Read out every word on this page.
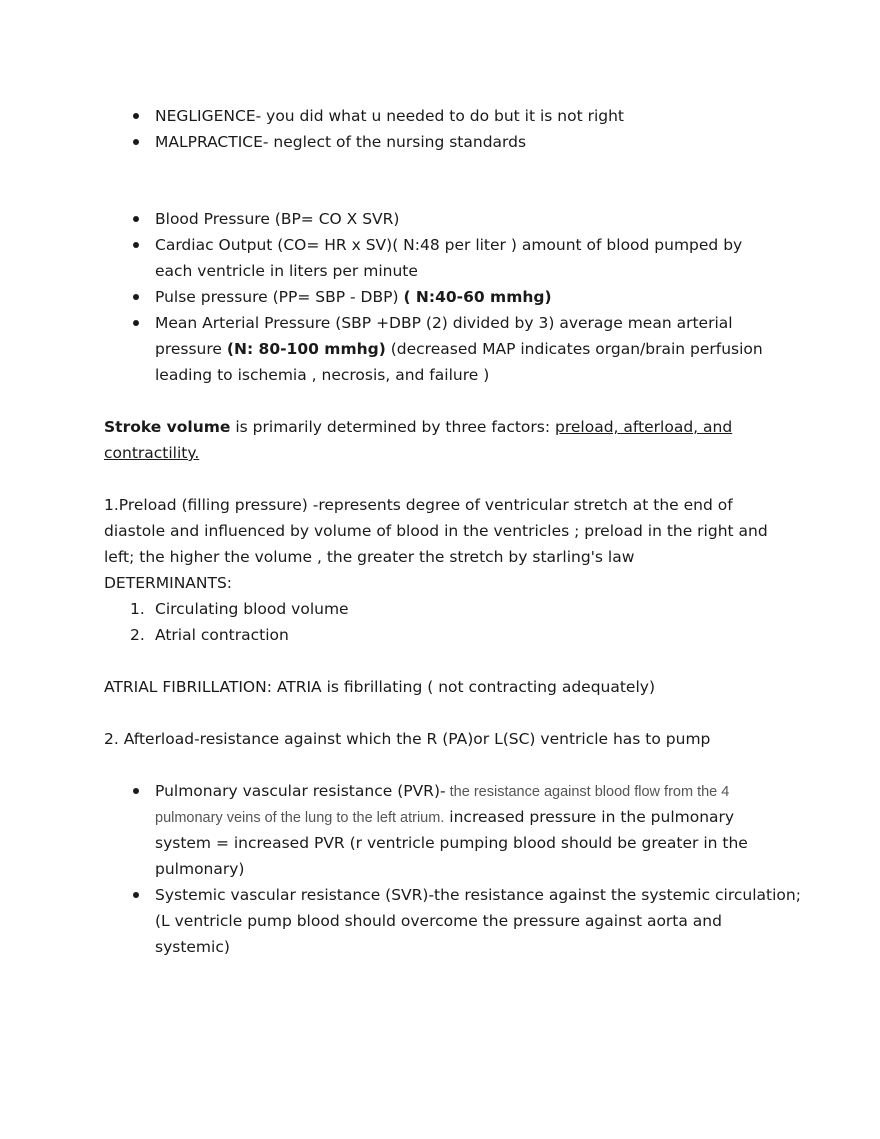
NEGLIGENCE- you did what u needed to do but it is not right
MALPRACTICE- neglect of the nursing standards
Blood Pressure (BP= CO X SVR)
Cardiac Output (CO= HR x SV)( N:48 per liter ) amount of blood pumped by
each ventricle in liters per minute
Pulse pressure (PP= SBP - DBP) ( N:40-60 mmhg)
Mean Arterial Pressure (SBP +DBP (2) divided by 3) average mean arterial
pressure (N: 80-100 mmhg) (decreased MAP indicates organ/brain perfusion
leading to ischemia , necrosis, and failure )
Stroke volume is primarily determined by three factors: preload, afterload, and
contractility.
1.Preload (filling pressure) -represents degree of ventricular stretch at the end of
diastole and influenced by volume of blood in the ventricles ; preload in the right and
left; the higher the volume , the greater the stretch by starling's law
DETERMINANTS:
1. Circulating blood volume
2. Atrial contraction
ATRIAL FIBRILLATION: ATRIA is fibrillating ( not contracting adequately)
2. Afterload-resistance against which the R (PA)or L(SC) ventricle has to pump
Pulmonary vascular resistance (PVR)- the resistance against blood flow from the 4
pulmonary veins of the lung to the left atrium. increased pressure in the pulmonary
system = increased PVR (r ventricle pumping blood should be greater in the
pulmonary)
Systemic vascular resistance (SVR)-the resistance against the systemic circulation;
(L ventricle pump blood should overcome the pressure against aorta and
systemic)
